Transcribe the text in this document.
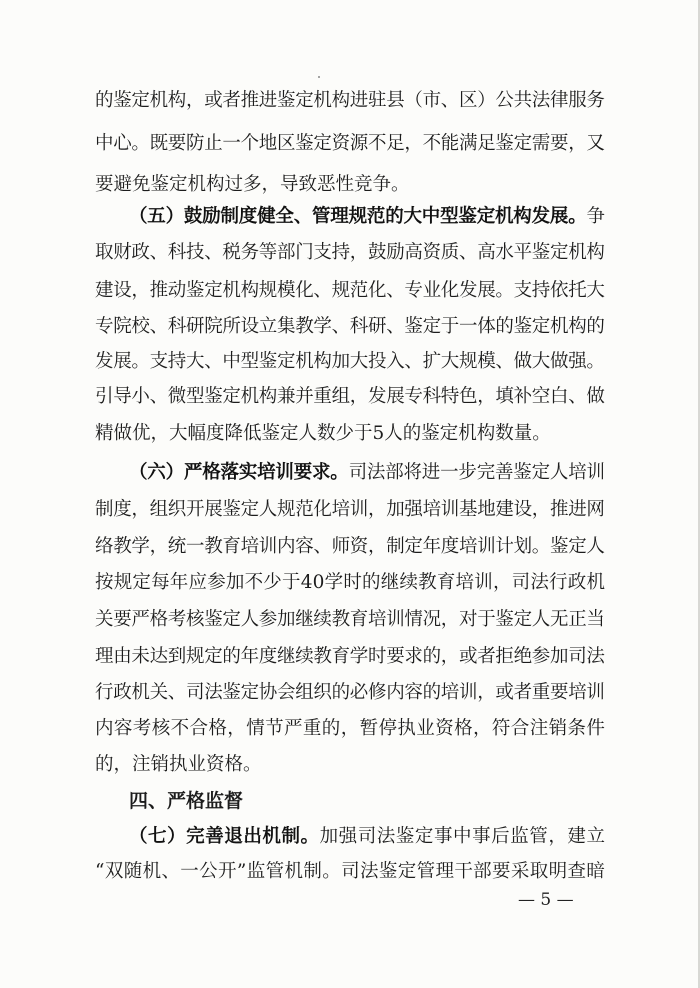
的鉴定机构，或者推进鉴定机构进驻县（市、区）公共法律服务
中心。既要防止一个地区鉴定资源不足，不能满足鉴定需要，又
要避免鉴定机构过多，导致恶性竞争。
（五）鼓励制度健全、管理规范的大中型鉴定机构发展。争
取财政、科技、税务等部门支持，鼓励高资质、高水平鉴定机构
建设，推动鉴定机构规模化、规范化、专业化发展。支持依托大
专院校、科研院所设立集教学、科研、鉴定于一体的鉴定机构的
发展。支持大、中型鉴定机构加大投入、扩大规模、做大做强。
引导小、微型鉴定机构兼并重组，发展专科特色，填补空白、做
精做优，大幅度降低鉴定人数少于5人的鉴定机构数量。
（六）严格落实培训要求。司法部将进一步完善鉴定人培训
制度，组织开展鉴定人规范化培训，加强培训基地建设，推进网
络教学，统一教育培训内容、师资，制定年度培训计划。鉴定人
按规定每年应参加不少于40学时的继续教育培训，司法行政机
关要严格考核鉴定人参加继续教育培训情况，对于鉴定人无正当
理由未达到规定的年度继续教育学时要求的，或者拒绝参加司法
行政机关、司法鉴定协会组织的必修内容的培训，或者重要培训
内容考核不合格，情节严重的，暂停执业资格，符合注销条件
的，注销执业资格。
四、严格监督
（七）完善退出机制。加强司法鉴定事中事后监管，建立
“双随机、一公开”监管机制。司法鉴定管理干部要采取明查暗
— 5 —
